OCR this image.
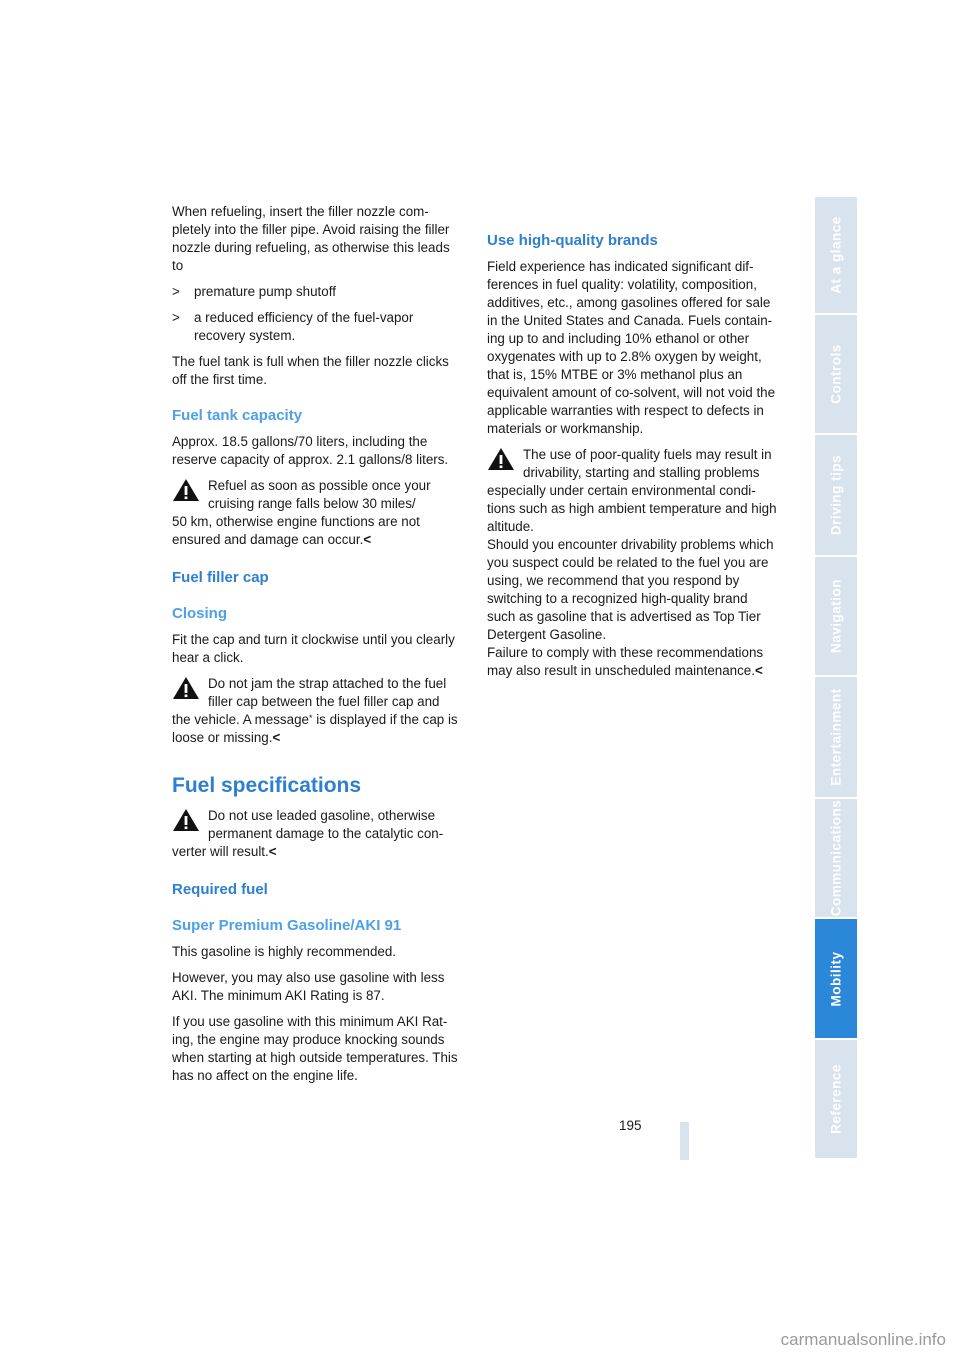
When refueling, insert the filler nozzle com-pletely into the filler pipe. Avoid raising the filler nozzle during refueling, as otherwise this leads to

>	premature pump shutoff
>	a reduced efficiency of the fuel-vapor recovery system.

The fuel tank is full when the filler nozzle clicks off the first time.

Fuel tank capacity

Approx. 18.5 gallons/70 liters, including the reserve capacity of approx. 2.1 gallons/8 liters.

Refuel as soon as possible once your cruising range falls below 30 miles/
50 km, otherwise engine functions are not ensured and damage can occur.<
Fuel filler cap
Closing

Fit the cap and turn it clockwise until you clearly hear a click.

Do not jam the strap attached to the fuel filler cap between the fuel filler cap and
the vehicle. A message* is displayed if the cap is loose or missing.<
Fuel specifications
Do not use leaded gasoline, otherwise permanent damage to the catalytic con-
verter will result.<
Required fuel
Super Premium Gasoline/AKI 91

This gasoline is highly recommended.

However, you may also use gasoline with less AKI. The minimum AKI Rating is 87.

If you use gasoline with this minimum AKI Rat-ing, the engine may produce knocking sounds when starting at high outside temperatures. This has no affect on the engine life.

Use high-quality brands

Field experience has indicated significant dif-ferences in fuel quality: volatility, composition, additives, etc., among gasolines offered for sale in the United States and Canada. Fuels contain-ing up to and including 10% ethanol or other oxygenates with up to 2.8% oxygen by weight, that is, 15% MTBE or 3% methanol plus an equivalent amount of co-solvent, will not void the applicable warranties with respect to defects in materials or workmanship.

The use of poor-quality fuels may result in drivability, starting and stalling problems
especially under certain environmental condi-tions such as high ambient temperature and high altitude.
Should you encounter drivability problems which you suspect could be related to the fuel you are using, we recommend that you respond by switching to a recognized high-quality brand such as gasoline that is advertised as Top Tier Detergent Gasoline.
Failure to comply with these recommendations may also result in unscheduled maintenance.<
At a glance
Controls
Driving tips
Navigation
Entertainment
Communications
Mobility
Reference
195
carmanualsonline.info
